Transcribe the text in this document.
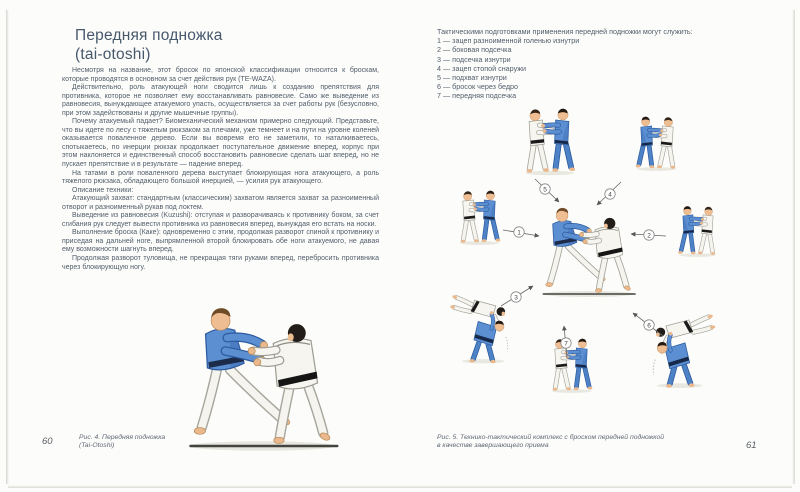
Передняя подножка
(tai-otoshi)

Несмотря на название, этот бросок по японской классификации относится к броскам, которые проводятся в основном за счет действия рук (TE-WAZA).

Действительно, роль атакующей ноги сводится лишь к созданию препятствия для противника, которое не позволяет ему восстанавливать равновесие. Само же выведение из равновесия, вынуждающее атакуемого упасть, осуществляется за счет работы рук (безусловно, при этом задействованы и другие мышечные группы).

Почему атакуемый падает? Биомеханический механизм примерно следующий. Представьте, что вы идете по лесу с тяжелым рюкзаком за плечами, уже темнеет и на пути на уровне коленей оказывается поваленное дерево. Если вы вовремя его не заметили, то наталкиваетесь, спотыкаетесь, по инерции рюкзак продолжает поступательное движение вперед, корпус при этом наклоняется и единственный способ восстановить равновесие сделать шаг вперед, но не пускает препятствие и в результате — падение вперед.

На татами в роли поваленного дерева выступает блокирующая нога атакующего, а роль тяжелого рюкзака, обладающего большой инерцией, — усилия рук атакующего.

Описание техники:

Атакующий захват: стандартным (классическим) захватом является захват за разноименный отворот и разноименный рукав под локтем.

Выведение из равновесия (Kuzushi): отступая и разворачиваясь к противнику боком, за счет сгибания рук следует вывести противника из равновесия вперед, вынуждая его встать на носки.

Выполнение броска (Каке): одновременно с этим, продолжая разворот спиной к противнику и приседая на дальней ноге, выпрямленной второй блокировать обе ноги атакуемого, не давая ему возможности шагнуть вперед.

Продолжая разворот туловища, не прекращая тяги руками вперед, перебросить противника через блокирующую ногу.

Рис. 4. Передняя подножка
(Tai-Otoshi)
60
Тактическими подготовками применения передней подножки могут служить:
1 — зацеп разноименной голенью изнутри
2 — боковая подсечка
3 — подсечка изнутри
4 — зацеп стопой снаружи
5 — подхват изнутри
6 — бросок через бедро
7 — передняя подсечка
1
5
4
2
3
7
6
Рис. 5. Технико-тактический комплекс с броском передней подножкой
в качестве завершающего приема	61
